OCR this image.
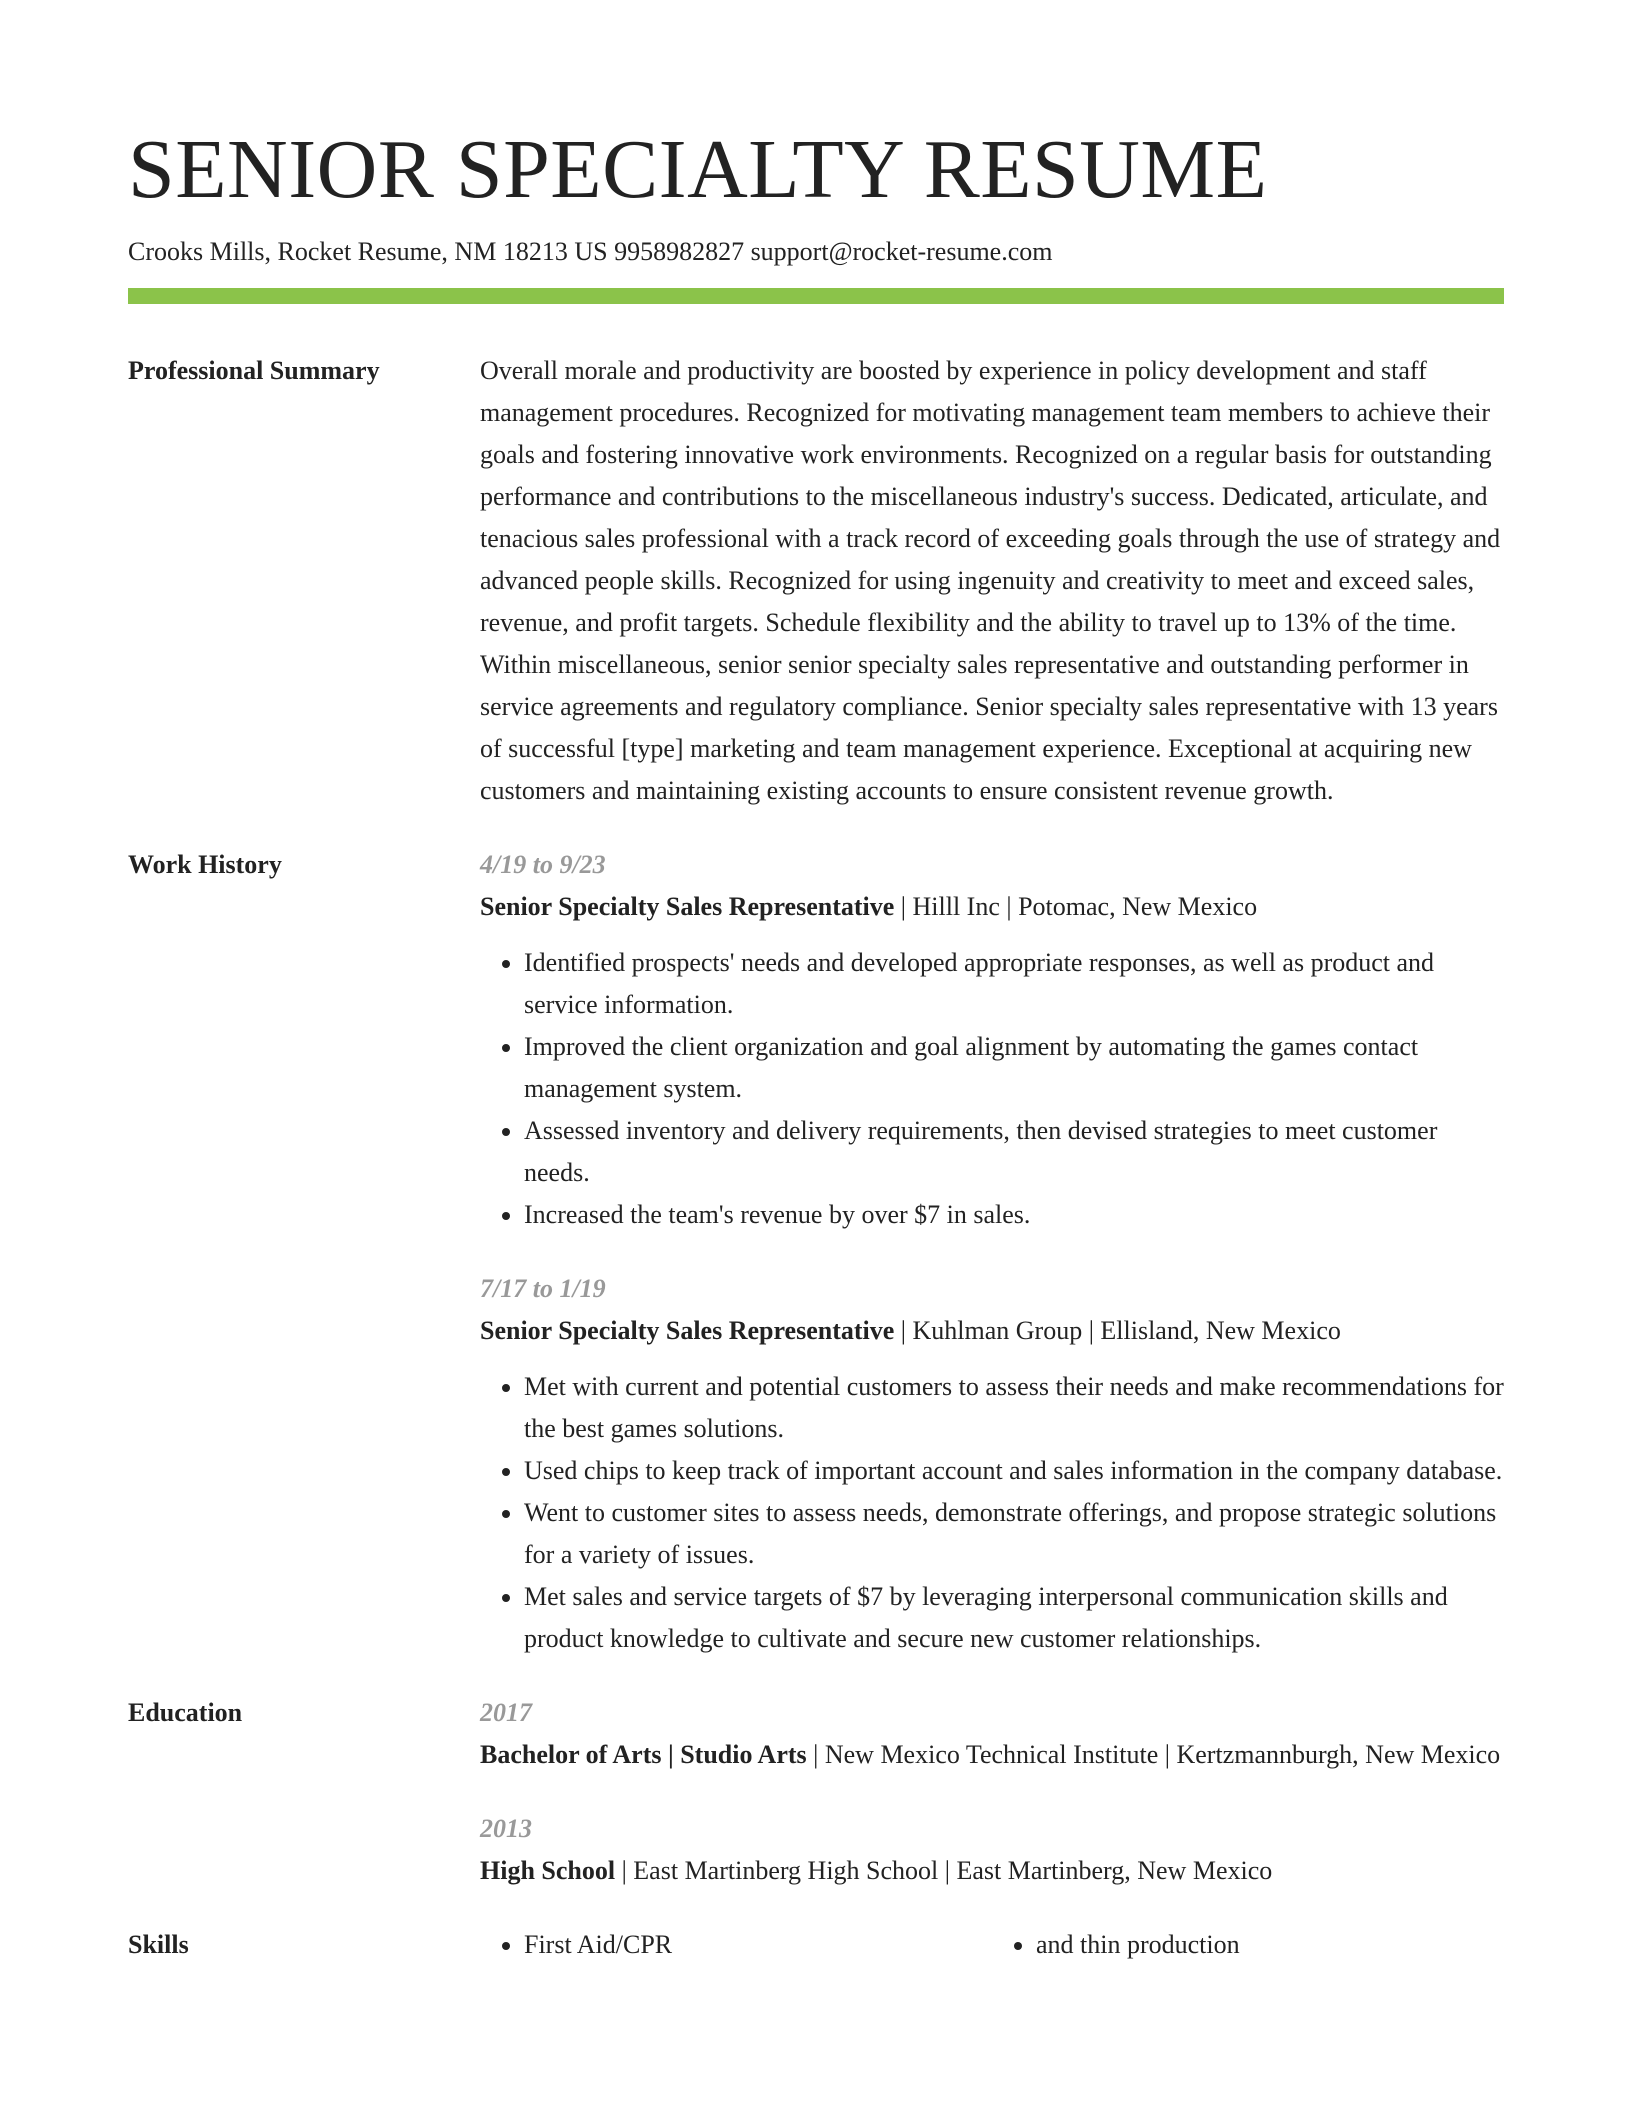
SENIOR SPECIALTY RESUME
Crooks Mills, Rocket Resume, NM 18213 US 9958982827 support@rocket-resume.com
Professional Summary	Overall morale and productivity are boosted by experience in policy development and staff management procedures. Recognized for motivating management team members to achieve their goals and fostering innovative work environments. Recognized on a regular basis for outstanding performance and contributions to the miscellaneous industry's success. Dedicated, articulate, and tenacious sales professional with a track record of exceeding goals through the use of strategy and advanced people skills. Recognized for using ingenuity and creativity to meet and exceed sales, revenue, and profit targets. Schedule flexibility and the ability to travel up to 13% of the time. Within miscellaneous, senior senior specialty sales representative and outstanding performer in service agreements and regulatory compliance. Senior specialty sales representative with 13 years of successful [type] marketing and team management experience. Exceptional at acquiring new customers and maintaining existing accounts to ensure consistent revenue growth.
Work History	4/19 to 9/23
Senior Specialty Sales Representative | Hilll Inc | Potomac, New Mexico
• Identified prospects' needs and developed appropriate responses, as well as product and service information.
• Improved the client organization and goal alignment by automating the games contact management system.
• Assessed inventory and delivery requirements, then devised strategies to meet customer needs.
• Increased the team's revenue by over $7 in sales.
7/17 to 1/19
Senior Specialty Sales Representative | Kuhlman Group | Ellisland, New Mexico
• Met with current and potential customers to assess their needs and make recommendations for the best games solutions.
• Used chips to keep track of important account and sales information in the company database.
• Went to customer sites to assess needs, demonstrate offerings, and propose strategic solutions for a variety of issues.
• Met sales and service targets of $7 by leveraging interpersonal communication skills and product knowledge to cultivate and secure new customer relationships.
Education	2017
Bachelor of Arts | Studio Arts | New Mexico Technical Institute | Kertzmannburgh, New Mexico
2013
High School | East Martinberg High School | East Martinberg, New Mexico
Skills	• First Aid/CPR	• and thin production
